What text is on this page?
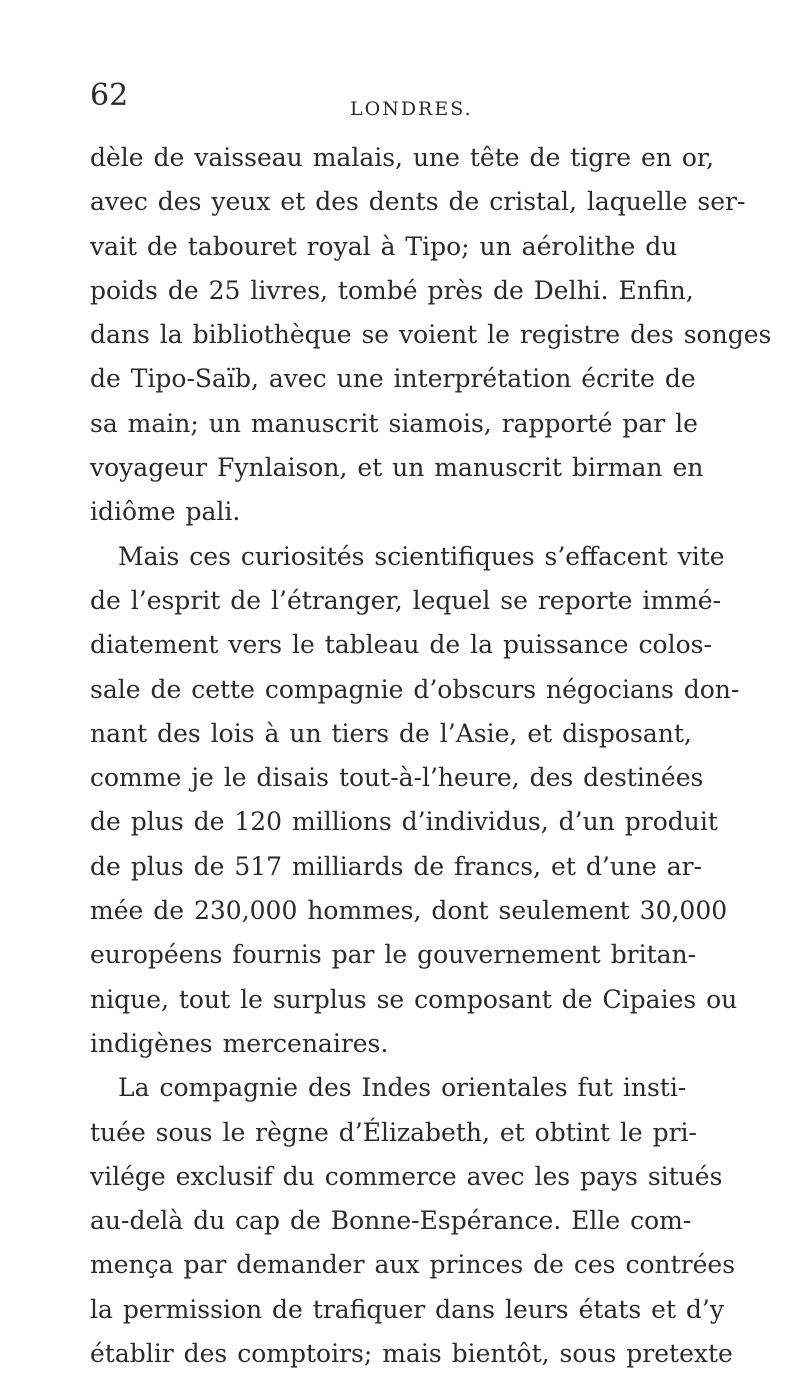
62	LONDRES.
dèle de vaisseau malais, une tête de tigre en or,
avec des yeux et des dents de cristal, laquelle ser-
vait de tabouret royal à Tipo; un aérolithe du
poids de 25 livres, tombé près de Delhi. Enfin,
dans la bibliothèque se voient le registre des songes
de Tipo-Saïb, avec une interprétation écrite de
sa main; un manuscrit siamois, rapporté par le
voyageur Fynlaison, et un manuscrit birman en
idiôme pali.
Mais ces curiosités scientifiques s’effacent vite
de l’esprit de l’étranger, lequel se reporte immé-
diatement vers le tableau de la puissance colos-
sale de cette compagnie d’obscurs négocians don-
nant des lois à un tiers de l’Asie, et disposant,
comme je le disais tout-à-l’heure, des destinées
de plus de 120 millions d’individus, d’un produit
de plus de 517 milliards de francs, et d’une ar-
mée de 230,000 hommes, dont seulement 30,000
européens fournis par le gouvernement britan-
nique, tout le surplus se composant de Cipaies ou
indigènes mercenaires.
La compagnie des Indes orientales fut insti-
tuée sous le règne d’Élizabeth, et obtint le pri-
vilége exclusif du commerce avec les pays situés
au-delà du cap de Bonne-Espérance. Elle com-
mença par demander aux princes de ces contrées
la permission de trafiquer dans leurs états et d’y
établir des comptoirs; mais bientôt, sous pretexte
